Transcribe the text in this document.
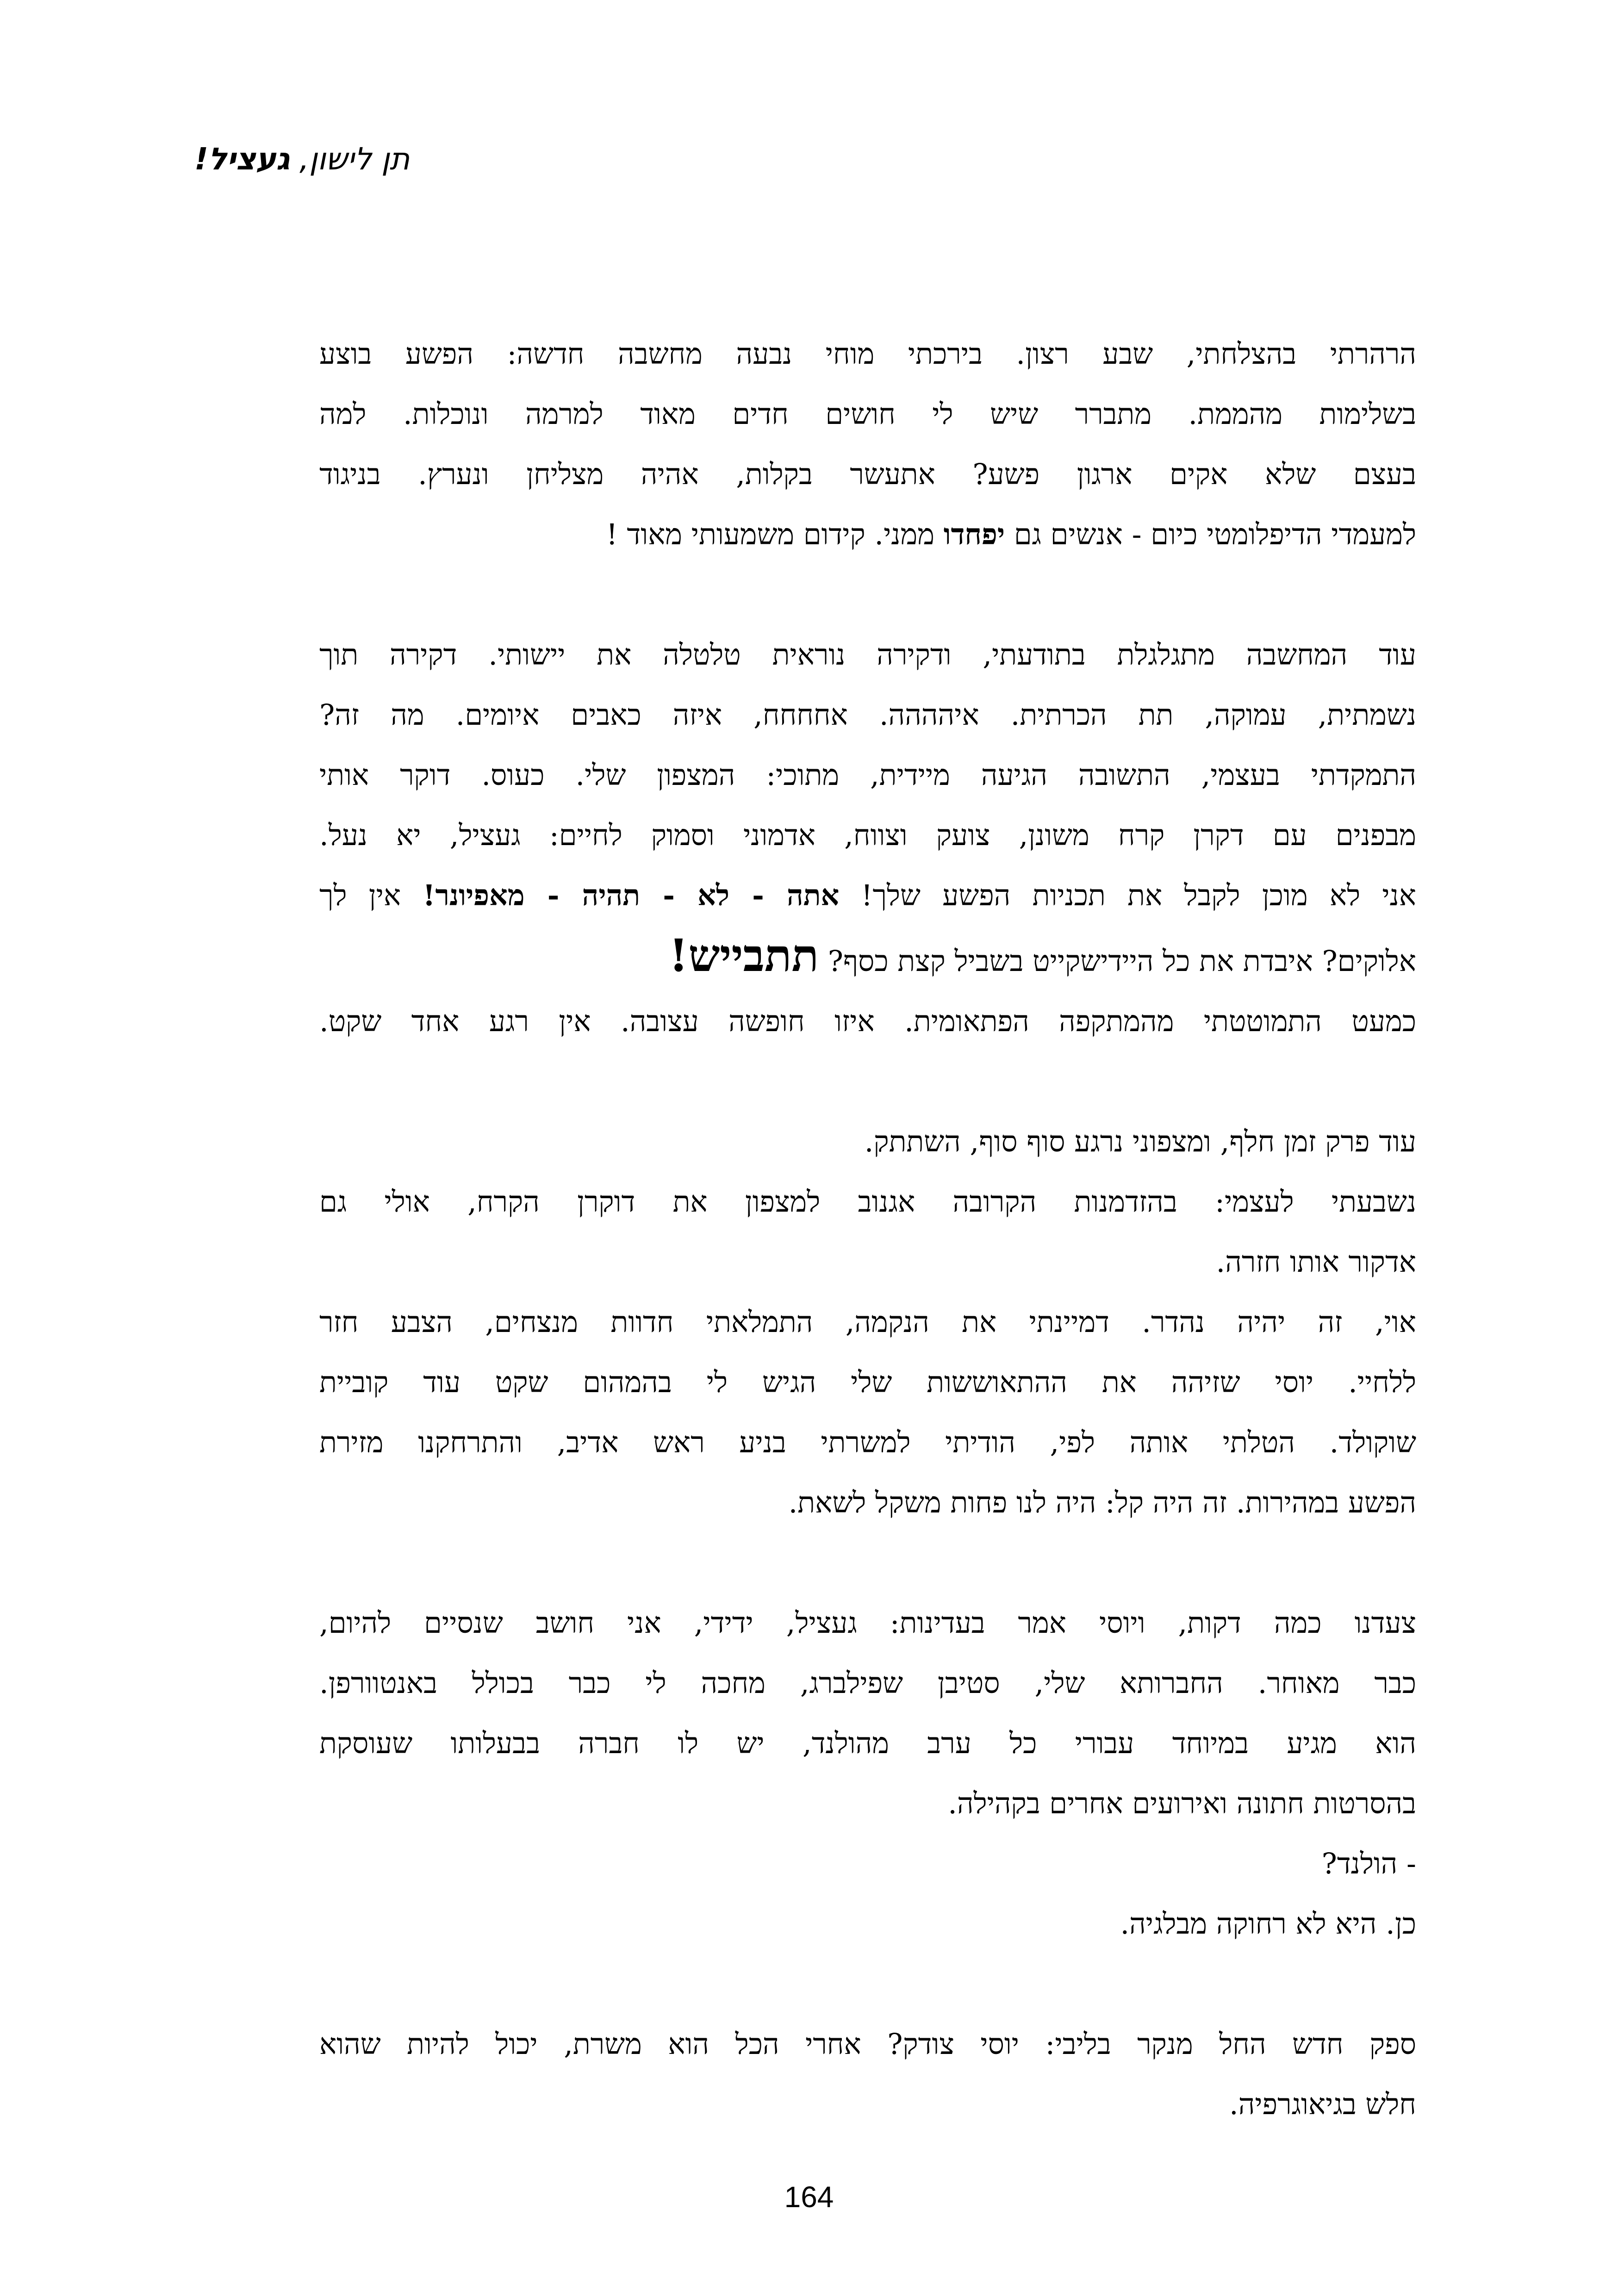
תן לישון, געציל!
הרהרתי בהצלחתי, שבע רצון. בירכתי מוחי נבעה מחשבה חדשה: הפשע בוצע
בשלימות מהממת. מתברר שיש לי חושים חדים מאוד למרמה ונוכלות. למה
בעצם שלא אקים ארגון פשע? אתעשר בקלות, אהיה מצליחן ונערץ. בניגוד
למעמדי הדיפלומטי כיום - אנשים גם יפחדו ממני. קידום משמעותי מאוד !
עוד המחשבה מתגלגלת בתודעתי, ודקירה נוראית טלטלה את יישותי. דקירה תוך
נשמתית, עמוקה, תת הכרתית. איהההה. אחחחח, איזה כאבים איומים. מה זה?
התמקדתי בעצמי, התשובה הגיעה מיידית, מתוכי: המצפון שלי. כעוס. דוקר אותי
מבפנים עם דקרן קרח משונן, צועק וצווח, אדמוני וסמוק לחיים: געציל, יא נעל.
אני לא מוכן לקבל את תכניות הפשע שלך! אתה - לא - תהיה - מאפיונר! אין לך
אלוקים? איבדת את כל היידישקייט בשביל קצת כסף? תתבייש!
כמעט התמוטטתי מהמתקפה הפתאומית. איזו חופשה עצובה. אין רגע אחד שקט.
עוד פרק זמן חלף, ומצפוני נרגע סוף סוף, השתתק.
נשבעתי לעצמי: בהזדמנות הקרובה אגנוב למצפון את דוקרן הקרח, אולי גם
אדקור אותו חזרה.
אוי, זה יהיה נהדר. דמיינתי את הנקמה, התמלאתי חדוות מנצחים, הצבע חזר
ללחיי. יוסי שזיהה את ההתאוששות שלי הגיש לי בהמהום שקט עוד קוביית
שוקולד. הטלתי אותה לפי, הודיתי למשרתי בניע ראש אדיב, והתרחקנו מזירת
הפשע במהירות. זה היה קל: היה לנו פחות משקל לשאת.
צעדנו כמה דקות, ויוסי אמר בעדינות: געציל, ידידי, אני חושב שנסיים להיום,
כבר מאוחר. החברותא שלי, סטיבן שפילברג, מחכה לי כבר בכולל באנטוורפן.
הוא מגיע במיוחד עבורי כל ערב מהולנד, יש לו חברה בבעלותו שעוסקת
בהסרטות חתונה ואירועים אחרים בקהילה.
- הולנד?
כן. היא לא רחוקה מבלגיה.
ספק חדש החל מנקר בליבי: יוסי צודק? אחרי הכל הוא משרת, יכול להיות שהוא
חלש בגיאוגרפיה.
164
